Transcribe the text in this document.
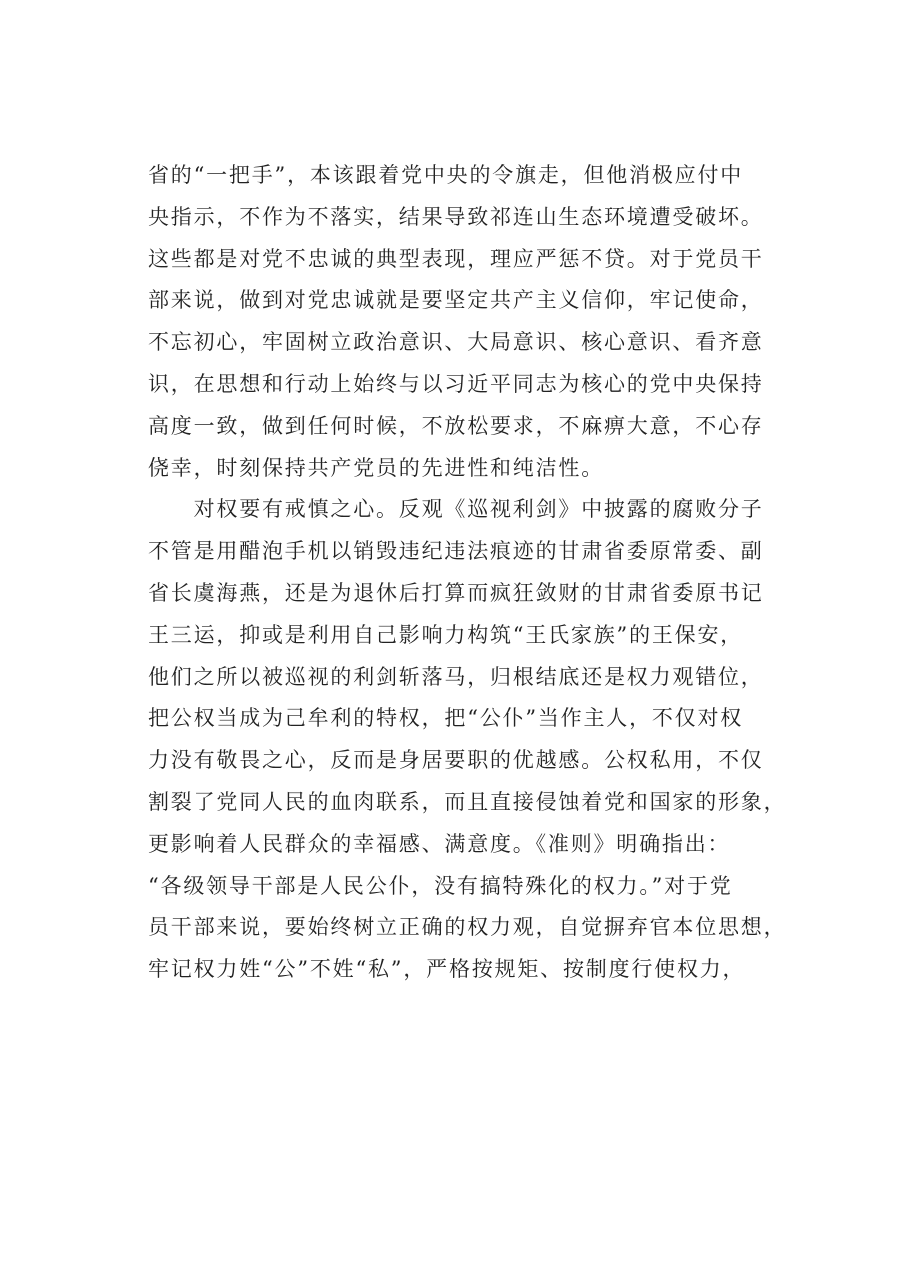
省的“一把手”，本该跟着党中央的令旗走，但他消极应付中
央指示，不作为不落实，结果导致祁连山生态环境遭受破坏。
这些都是对党不忠诚的典型表现，理应严惩不贷。对于党员干
部来说，做到对党忠诚就是要坚定共产主义信仰，牢记使命，
不忘初心，牢固树立政治意识、大局意识、核心意识、看齐意
识，在思想和行动上始终与以习近平同志为核心的党中央保持
高度一致，做到任何时候，不放松要求，不麻痹大意，不心存
侥幸，时刻保持共产党员的先进性和纯洁性。
　　对权要有戒慎之心。反观《巡视利剑》中披露的腐败分子
不管是用醋泡手机以销毁违纪违法痕迹的甘肃省委原常委、副
省长虞海燕，还是为退休后打算而疯狂敛财的甘肃省委原书记
王三运，抑或是利用自己影响力构筑“王氏家族”的王保安，
他们之所以被巡视的利剑斩落马，归根结底还是权力观错位，
把公权当成为己牟利的特权，把“公仆”当作主人，不仅对权
力没有敬畏之心，反而是身居要职的优越感。公权私用，不仅
割裂了党同人民的血肉联系，而且直接侵蚀着党和国家的形象，
更影响着人民群众的幸福感、满意度。《准则》明确指出：
“各级领导干部是人民公仆，没有搞特殊化的权力。”对于党
员干部来说，要始终树立正确的权力观，自觉摒弃官本位思想，
牢记权力姓“公”不姓“私”，严格按规矩、按制度行使权力，
